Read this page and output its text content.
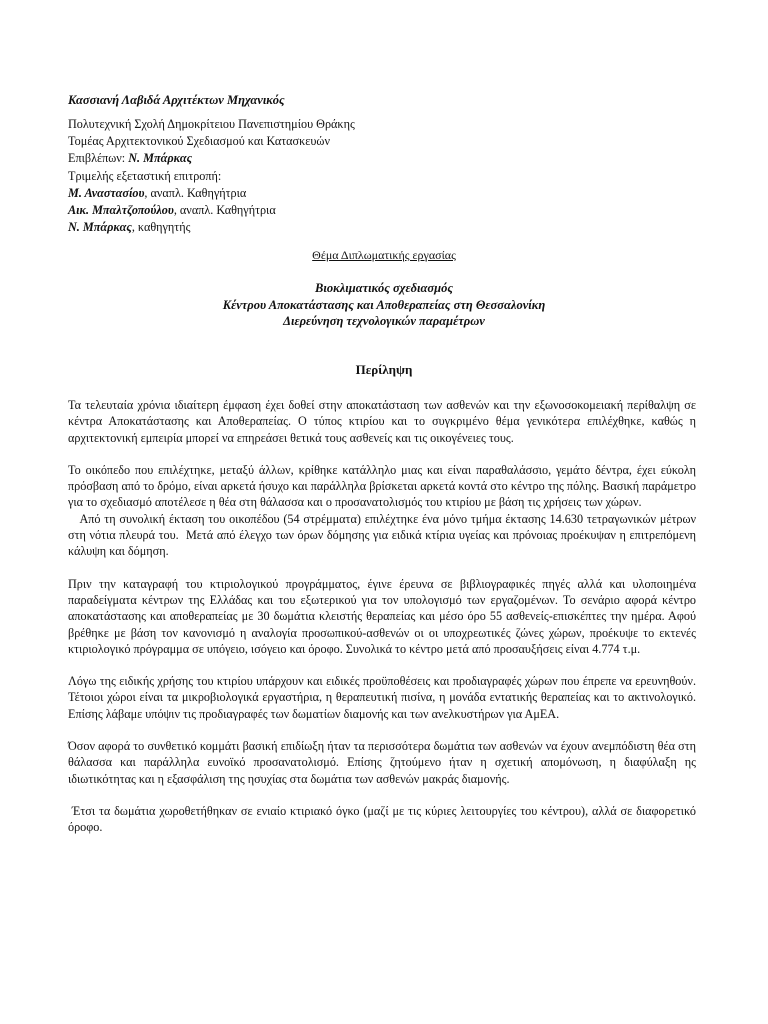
Κασσιανή Λαβιδά Αρχιτέκτων Μηχανικός
Πολυτεχνική Σχολή Δημοκρίτειου Πανεπιστημίου Θράκης
Τομέας Αρχιτεκτονικού Σχεδιασμού και Κατασκευών
Επιβλέπων: Ν. Μπάρκας
Τριμελής εξεταστική επιτροπή:
Μ. Αναστασίου, αναπλ. Καθηγήτρια
Αικ. Μπαλτζοπούλου, αναπλ. Καθηγήτρια
Ν. Μπάρκας, καθηγητής
Θέμα Διπλωματικής εργασίας
Βιοκλιματικός σχεδιασμός
Κέντρου Αποκατάστασης και Αποθεραπείας στη Θεσσαλονίκη
Διερεύνηση τεχνολογικών παραμέτρων
Περίληψη

Τα τελευταία χρόνια ιδιαίτερη έμφαση έχει δοθεί στην αποκατάσταση των ασθενών και την εξωνοσοκομειακή περίθαλψη σε κέντρα Αποκατάστασης και Αποθεραπείας. Ο τύπος κτιρίου και το συγκριμένο θέμα γενικότερα επιλέχθηκε, καθώς η αρχιτεκτονική εμπειρία μπορεί να επηρεάσει θετικά τους ασθενείς και τις οικογένειες τους.

Το οικόπεδο που επιλέχτηκε, μεταξύ άλλων, κρίθηκε κατάλληλο μιας και είναι παραθαλάσσιο, γεμάτο δέντρα, έχει εύκολη πρόσβαση από το δρόμο, είναι αρκετά ήσυχο και παράλληλα βρίσκεται αρκετά κοντά στο κέντρο της πόλης. Βασική παράμετρο για το σχεδιασμό αποτέλεσε η θέα στη θάλασσα και ο προσανατολισμός του κτιρίου με βάση τις χρήσεις των χώρων.

Από τη συνολική έκταση του οικοπέδου (54 στρέμματα) επιλέχτηκε ένα μόνο τμήμα έκτασης 14.630 τετραγωνικών μέτρων στη νότια πλευρά του.  Μετά από έλεγχο των όρων δόμησης για ειδικά κτίρια υγείας και πρόνοιας προέκυψαν η επιτρεπόμενη κάλυψη και δόμηση.

Πριν την καταγραφή του κτιριολογικού προγράμματος, έγινε έρευνα σε βιβλιογραφικές πηγές αλλά και υλοποιημένα παραδείγματα κέντρων της Ελλάδας και του εξωτερικού για τον υπολογισμό των εργαζομένων. Το σενάριο αφορά κέντρο αποκατάστασης και αποθεραπείας με 30 δωμάτια κλειστής θεραπείας και μέσο όρο 55 ασθενείς-επισκέπτες την ημέρα. Αφού βρέθηκε με βάση τον κανονισμό η αναλογία προσωπικού-ασθενών οι οι υποχρεωτικές ζώνες χώρων, προέκυψε το εκτενές κτιριολογικό πρόγραμμα σε υπόγειο, ισόγειο και όροφο. Συνολικά το κέντρο μετά από προσαυξήσεις είναι 4.774 τ.μ.

Λόγω της ειδικής χρήσης του κτιρίου υπάρχουν και ειδικές προϋποθέσεις και προδιαγραφές χώρων που έπρεπε να ερευνηθούν. Τέτοιοι χώροι είναι τα μικροβιολογικά εργαστήρια, η θεραπευτική πισίνα, η μονάδα εντατικής θεραπείας και το ακτινολογικό. Επίσης λάβαμε υπόψιν τις προδιαγραφές των δωματίων διαμονής και των ανελκυστήρων για ΑμΕΑ.

Όσον αφορά το συνθετικό κομμάτι βασική επιδίωξη ήταν τα περισσότερα δωμάτια των ασθενών να έχουν ανεμπόδιστη θέα στη θάλασσα και παράλληλα ευνοϊκό προσανατολισμό. Επίσης ζητούμενο ήταν η σχετική απομόνωση, η διαφύλαξη ης ιδιωτικότητας και η εξασφάλιση της ησυχίας στα δωμάτια των ασθενών μακράς διαμονής.

Έτσι τα δωμάτια χωροθετήθηκαν σε ενιαίο κτιριακό όγκο (μαζί με τις κύριες λειτουργίες του κέντρου), αλλά σε διαφορετικό όροφο.
